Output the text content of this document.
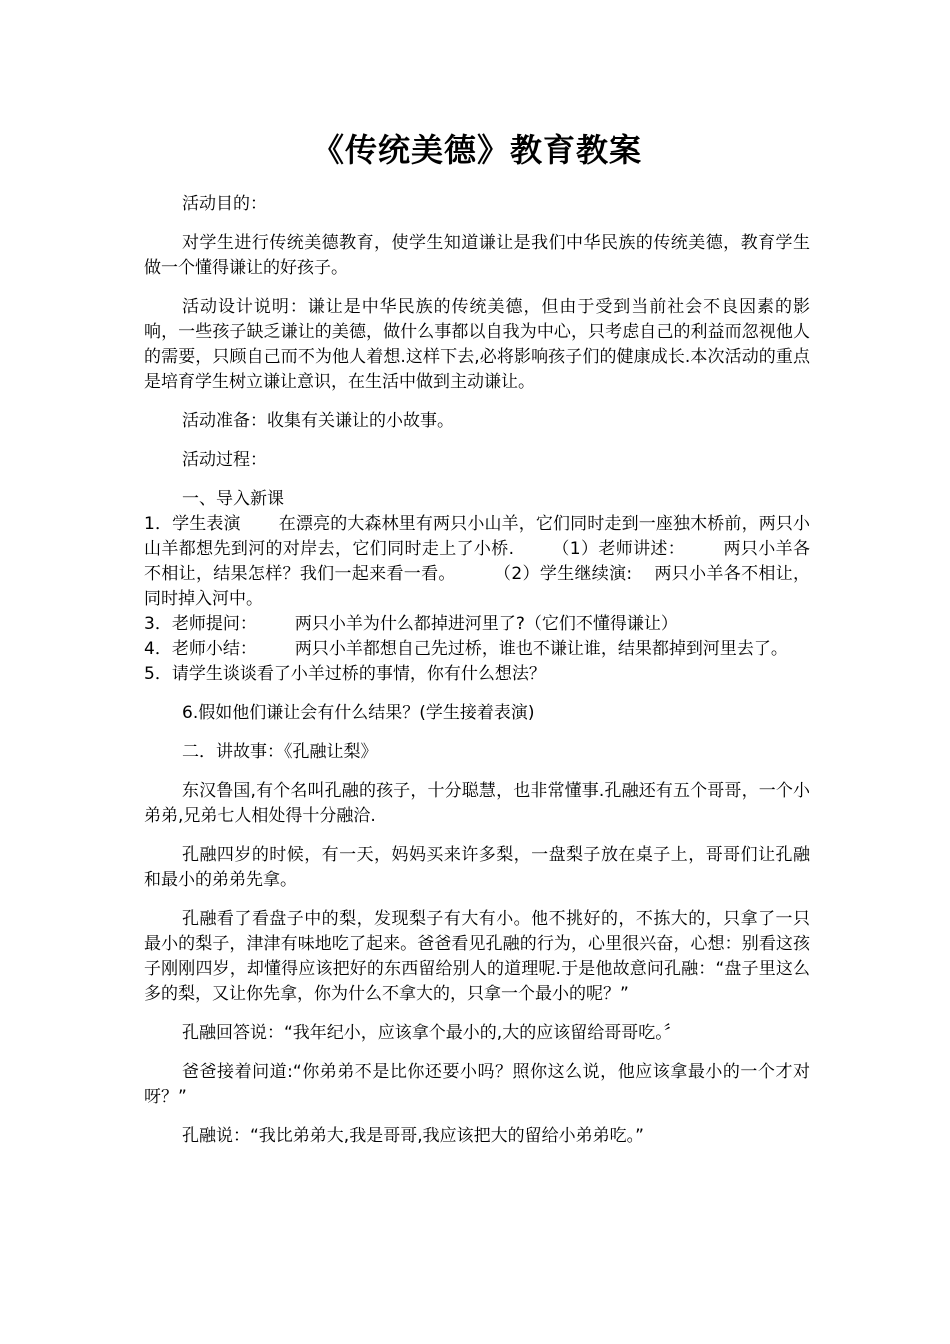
《传统美德》教育教案

活动目的：

对学生进行传统美德教育，使学生知道谦让是我们中华民族的传统美德，教育学生做一个懂得谦让的好孩子。

活动设计说明：谦让是中华民族的传统美德，但由于受到当前社会不良因素的影响，一些孩子缺乏谦让的美德，做什么事都以自我为中心，只考虑自己的利益而忽视他人的需要，只顾自己而不为他人着想.这样下去,必将影响孩子们的健康成长.本次活动的重点是培育学生树立谦让意识，在生活中做到主动谦让。

活动准备：收集有关谦让的小故事。

活动过程：

一、导入新课

1．学生表演 在漂亮的大森林里有两只小山羊，它们同时走到一座独木桥前，两只小山羊都想先到河的对岸去，它们同时走上了小桥. （1）老师讲述： 两只小羊各不相让，结果怎样？我们一起来看一看。 （2）学生继续演: 两只小羊各不相让，同时掉入河中。

3．老师提问： 两只小羊为什么都掉进河里了?（它们不懂得谦让）

4．老师小结： 两只小羊都想自己先过桥，谁也不谦让谁，结果都掉到河里去了。

5．请学生谈谈看了小羊过桥的事情，你有什么想法？

6.假如他们谦让会有什么结果？(学生接着表演)

二．讲故事：《孔融让梨》

东汉鲁国,有个名叫孔融的孩子，十分聪慧，也非常懂事.孔融还有五个哥哥，一个小弟弟,兄弟七人相处得十分融洽.

孔融四岁的时候，有一天，妈妈买来许多梨，一盘梨子放在桌子上，哥哥们让孔融和最小的弟弟先拿。

孔融看了看盘子中的梨，发现梨子有大有小。他不挑好的，不拣大的，只拿了一只最小的梨子，津津有味地吃了起来。爸爸看见孔融的行为，心里很兴奋，心想：别看这孩子刚刚四岁，却懂得应该把好的东西留给别人的道理呢.于是他故意问孔融：“盘子里这么多的梨，又让你先拿，你为什么不拿大的，只拿一个最小的呢？”

孔融回答说：“我年纪小，应该拿个最小的,大的应该留给哥哥吃。〞

爸爸接着问道:“你弟弟不是比你还要小吗？照你这么说，他应该拿最小的一个才对呀？”

孔融说：“我比弟弟大,我是哥哥,我应该把大的留给小弟弟吃。”
